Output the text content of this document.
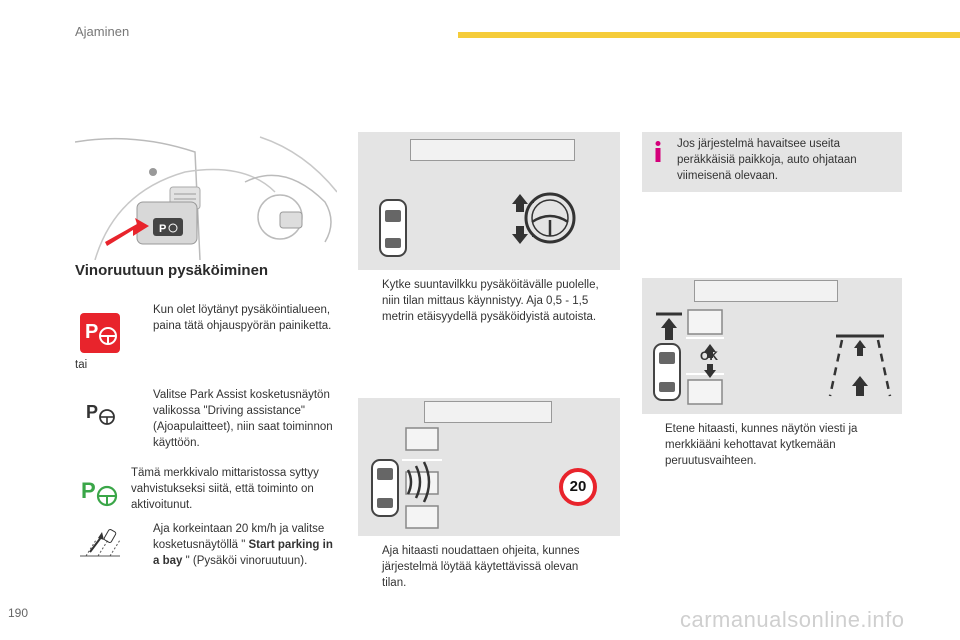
Ajaminen
P
Vinoruutuun pysäköiminen
P
Kun olet löytänyt pysäköintialueen, paina tätä ohjauspyörän painiketta.
tai
P
Valitse Park Assist kosketusnäytön valikossa "Driving assistance" (Ajoapulaitteet), niin saat toiminnon käyttöön.
P
Tämä merkkivalo mittaristossa syttyy vahvistukseksi siitä, että toiminto on aktivoitunut.
Aja korkeintaan 20 km/h ja valitse kosketusnäytöllä " Start parking in a bay " (Pysäköi vinoruutuun).
Kytke suuntavilkku pysäköitävälle puolelle, niin tilan mittaus käynnistyy. Aja 0,5 - 1,5 metrin etäisyydellä pysäköidyistä autoista.
20
Aja hitaasti noudattaen ohjeita, kunnes järjestelmä löytää käytettävissä olevan tilan.
Jos järjestelmä havaitsee useita peräkkäisiä paikkoja, auto ohjataan viimeisenä olevaan.
OK
Etene hitaasti, kunnes näytön viesti ja merkkiääni kehottavat kytkemään peruutusvaihteen.
190	carmanualsonline.info
